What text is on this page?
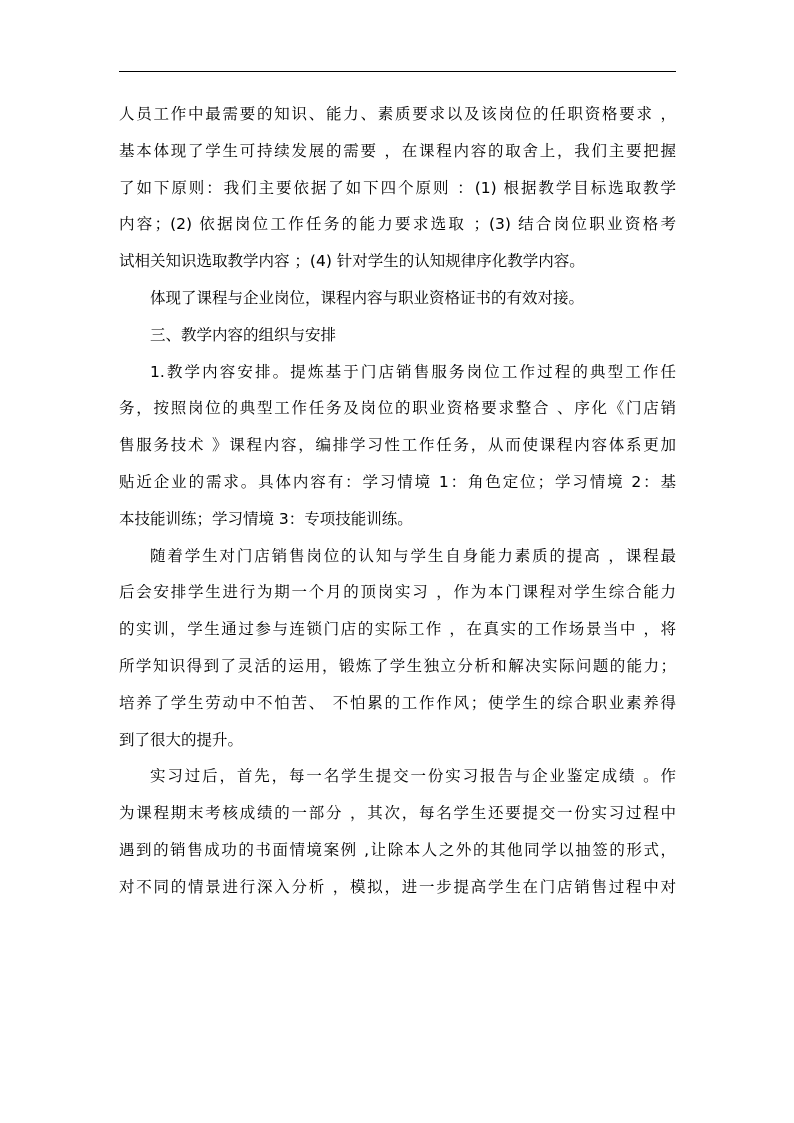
人员工作中最需要的知识、能力、素质要求以及该岗位的任职资格要求 ，
基本体现了学生可持续发展的需要 ，在课程内容的取舍上，我们主要把握
了如下原则：我们主要依据了如下四个原则 ：(1) 根据教学目标选取教学
内容；(2) 依据岗位工作任务的能力要求选取 ；(3) 结合岗位职业资格考
试相关知识选取教学内容 ；(4) 针对学生的认知规律序化教学内容。
体现了课程与企业岗位，课程内容与职业资格证书的有效对接。
三、教学内容的组织与安排
1.教学内容安排。提炼基于门店销售服务岗位工作过程的典型工作任
务，按照岗位的典型工作任务及岗位的职业资格要求整合 、序化《门店销
售服务技术 》课程内容，编排学习性工作任务，从而使课程内容体系更加
贴近企业的需求。具体内容有：学习情境 1：角色定位；学习情境 2：基
本技能训练；学习情境 3：专项技能训练。
随着学生对门店销售岗位的认知与学生自身能力素质的提高 ，课程最
后会安排学生进行为期一个月的顶岗实习 ，作为本门课程对学生综合能力
的实训，学生通过参与连锁门店的实际工作 ，在真实的工作场景当中 ，将
所学知识得到了灵活的运用，锻炼了学生独立分析和解决实际问题的能力；
培养了学生劳动中不怕苦、 不怕累的工作作风；使学生的综合职业素养得
到了很大的提升。
实习过后，首先，每一名学生提交一份实习报告与企业鉴定成绩 。作
为课程期末考核成绩的一部分 ，其次，每名学生还要提交一份实习过程中
遇到的销售成功的书面情境案例 ,让除本人之外的其他同学以抽签的形式，
对不同的情景进行深入分析 ，模拟，进一步提高学生在门店销售过程中对
